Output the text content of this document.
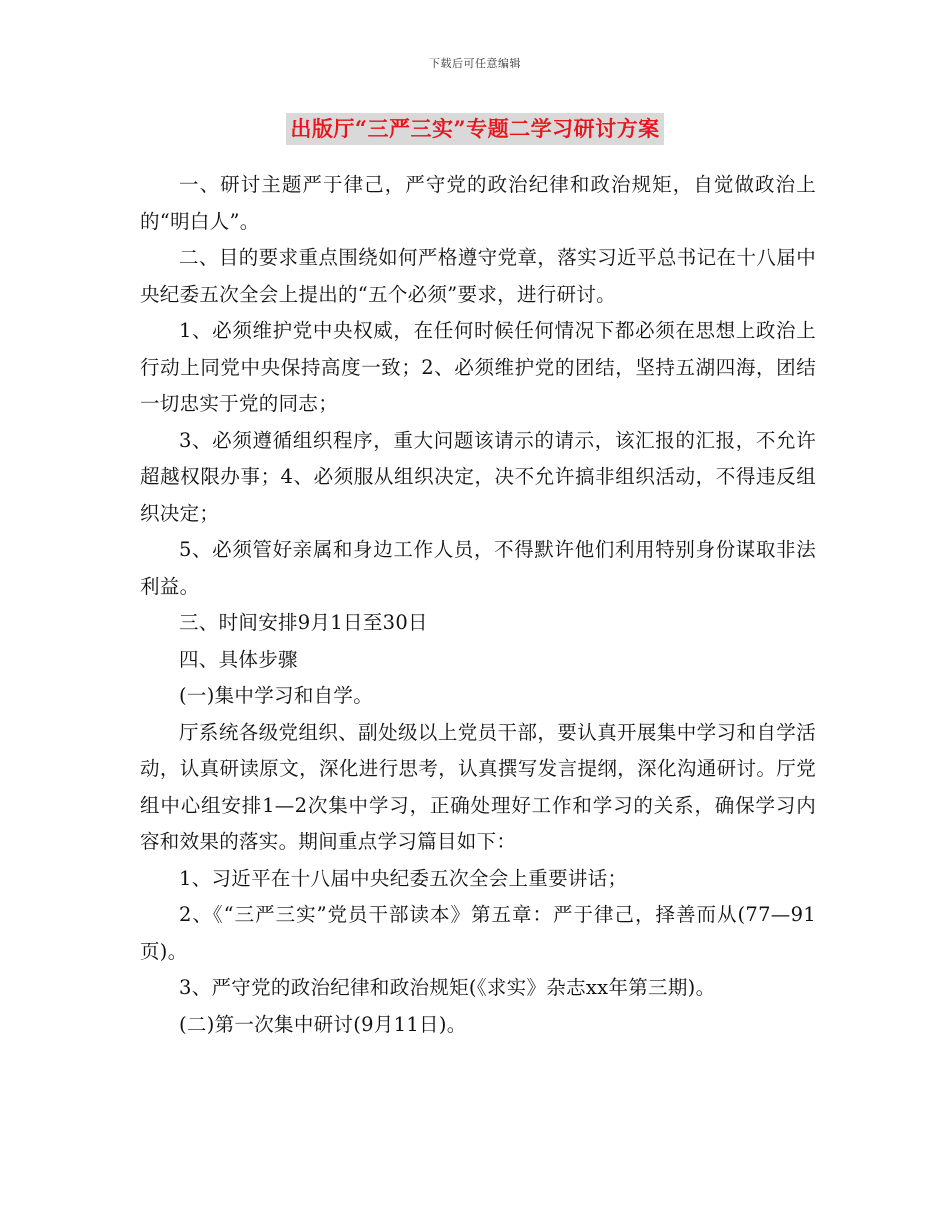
下载后可任意编辑
出版厅“三严三实”专题二学习研讨方案

一、研讨主题严于律己，严守党的政治纪律和政治规矩，自觉做政治上的“明白人”。

二、目的要求重点围绕如何严格遵守党章，落实习近平总书记在十八届中央纪委五次全会上提出的“五个必须”要求，进行研讨。

1、必须维护党中央权威，在任何时候任何情况下都必须在思想上政治上行动上同党中央保持高度一致；2、必须维护党的团结，坚持五湖四海，团结一切忠实于党的同志；

3、必须遵循组织程序，重大问题该请示的请示，该汇报的汇报，不允许超越权限办事；4、必须服从组织决定，决不允许搞非组织活动，不得违反组织决定；

5、必须管好亲属和身边工作人员，不得默许他们利用特别身份谋取非法利益。

三、时间安排9月1日至30日

四、具体步骤

(一)集中学习和自学。

厅系统各级党组织、副处级以上党员干部，要认真开展集中学习和自学活动，认真研读原文，深化进行思考，认真撰写发言提纲，深化沟通研讨。厅党组中心组安排1—2次集中学习，正确处理好工作和学习的关系，确保学习内容和效果的落实。期间重点学习篇目如下：

1、习近平在十八届中央纪委五次全会上重要讲话；

2、《“三严三实”党员干部读本》第五章：严于律己，择善而从(77—91页)。

3、严守党的政治纪律和政治规矩(《求实》杂志xx年第三期)。

(二)第一次集中研讨(9月11日)。
